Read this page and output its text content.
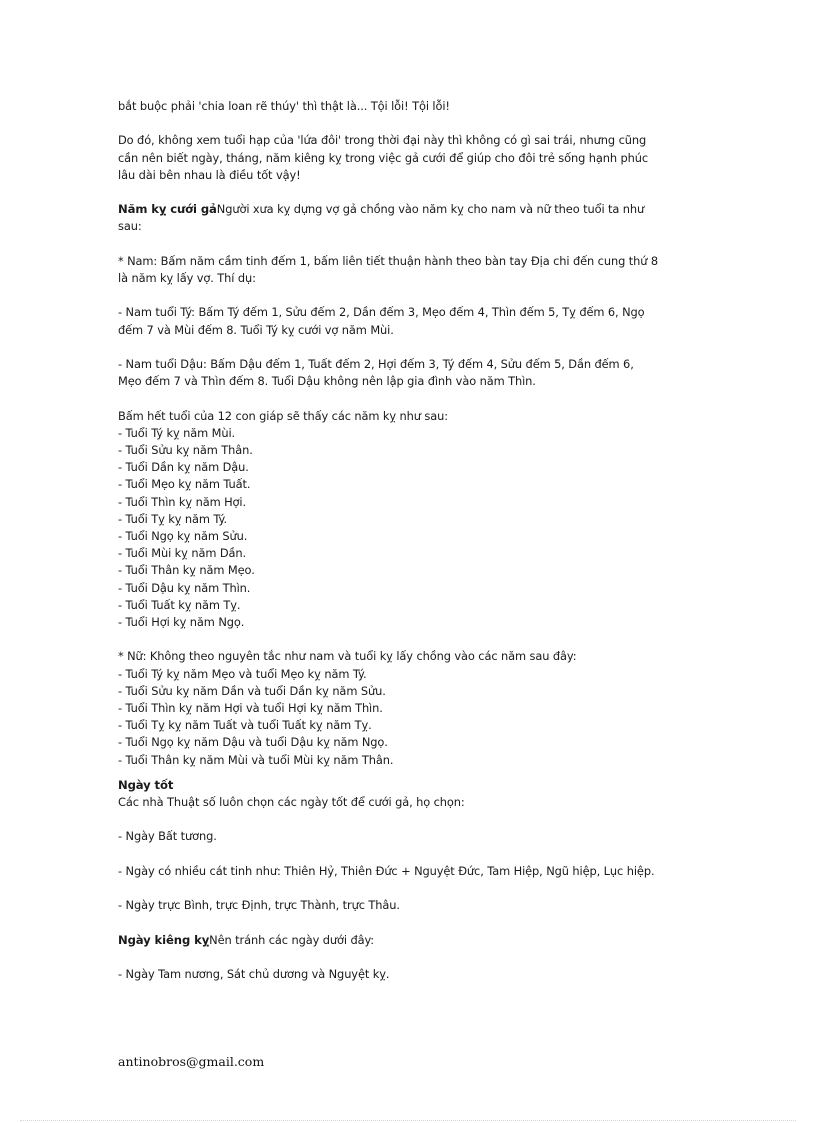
bắt buộc phải 'chia loan rẽ thúy' thì thật là... Tội lỗi! Tội lỗi!
Do đó, không xem tuổi hạp của 'lứa đôi' trong thời đại này thì không có gì sai trái, nhưng cũng
cần nên biết ngày, tháng, năm kiêng kỵ trong việc gả cưới để giúp cho đôi trẻ sống hạnh phúc
lâu dài bên nhau là điều tốt vậy!
Năm kỵ cưới gảNgười xưa kỵ dựng vợ gả chồng vào năm kỵ cho nam và nữ theo tuổi ta như
sau:
* Nam: Bấm năm cầm tinh đếm 1, bấm liên tiết thuận hành theo bàn tay Địa chi đến cung thứ 8
là năm kỵ lấy vợ. Thí dụ:
- Nam tuổi Tý: Bấm Tý đếm 1, Sửu đếm 2, Dần đếm 3, Mẹo đếm 4, Thìn đếm 5, Tỵ đếm 6, Ngọ
đếm 7 và Mùi đếm 8. Tuổi Tý kỵ cưới vợ năm Mùi.
- Nam tuổi Dậu: Bấm Dậu đếm 1, Tuất đếm 2, Hợi đếm 3, Tý đếm 4, Sửu đếm 5, Dần đếm 6,
Mẹo đếm 7 và Thìn đếm 8. Tuổi Dậu không nên lập gia đình vào năm Thìn.
Bấm hết tuổi của 12 con giáp sẽ thấy các năm kỵ như sau:
- Tuổi Tý kỵ năm Mùi.
- Tuổi Sửu kỵ năm Thân.
- Tuổi Dần kỵ năm Dậu.
- Tuổi Mẹo kỵ năm Tuất.
- Tuổi Thìn kỵ năm Hợi.
- Tuổi Tỵ kỵ năm Tý.
- Tuổi Ngọ kỵ năm Sửu.
- Tuổi Mùi kỵ năm Dần.
- Tuổi Thân kỵ năm Mẹo.
- Tuổi Dậu kỵ năm Thìn.
- Tuổi Tuất kỵ năm Tỵ.
- Tuổi Hợi kỵ năm Ngọ.
* Nữ: Không theo nguyên tắc như nam và tuổi kỵ lấy chồng vào các năm sau đây:
- Tuổi Tý kỵ năm Mẹo và tuổi Mẹo kỵ năm Tý.
- Tuổi Sửu kỵ năm Dần và tuổi Dần kỵ năm Sửu.
- Tuổi Thìn kỵ năm Hợi và tuổi Hợi kỵ năm Thìn.
- Tuổi Tỵ kỵ năm Tuất và tuổi Tuất kỵ năm Tỵ.
- Tuổi Ngọ kỵ năm Dậu và tuổi Dậu kỵ năm Ngọ.
- Tuổi Thân kỵ năm Mùi và tuổi Mùi kỵ năm Thân.
Ngày tốt
Các nhà Thuật số luôn chọn các ngày tốt để cưới gả, họ chọn:
- Ngày Bất tương.
- Ngày có nhiều cát tinh như: Thiên Hỷ, Thiên Đức + Nguyệt Đức, Tam Hiệp, Ngũ hiệp, Lục hiệp.
- Ngày trực Bình, trực Định, trực Thành, trực Thâu.
Ngày kiêng kỵNên tránh các ngày dưới đây:
- Ngày Tam nương, Sát chủ dương và Nguyệt kỵ.
antinobros@gmail.com
